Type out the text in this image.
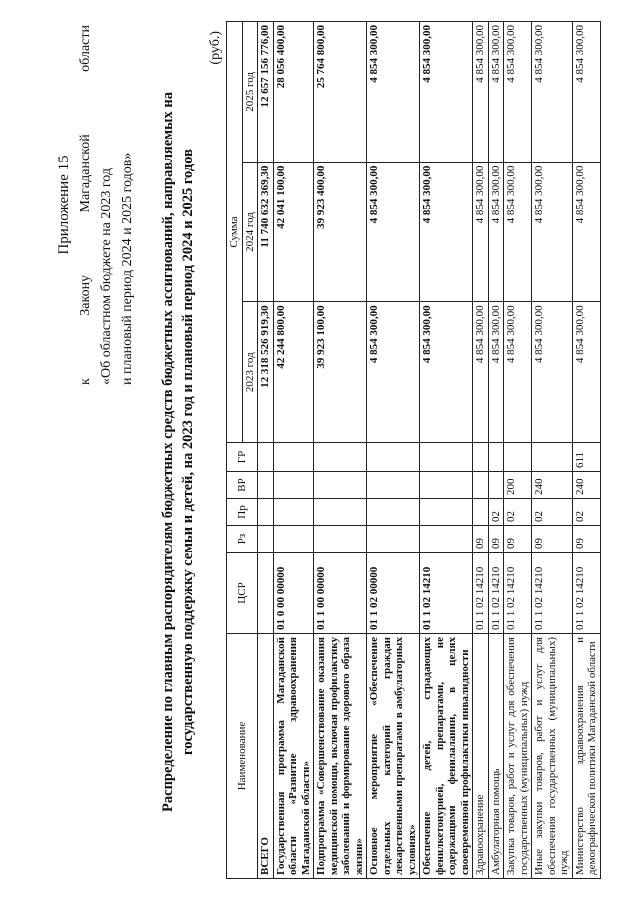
Приложение 15
к
Закону
Магаданской
области
«Об областном бюджете на 2023 год и плановый период 2024 и 2025 годов» Распределение по главным распорядителям бюджетных средств бюджетных ассигнований, направляемых на государственную поддержку семьи и детей, на 2023 год и плановый период 2024 и 2025 годов
(руб.)
Наименование	ЦСР	Рз	Пр	ВР	ГР	Сумма		
						2023 год	2024 год	2025 год
ВСЕГО						12 318 526 919,30	11 740 632 369,30	12 657 156 776,00
Государственная программа Магаданской области «Развитие здравоохранения Магаданской области»	01 0 00 00000					42 244 800,00	42 041 100,00	28 056 400,00
Подпрограмма «Совершенствование оказания медицинской помощи, включая профилактику заболеваний и формирование здорового образа жизни»	01 1 00 00000					39 923 100,00	39 923 400,00	25 764 800,00
Основное мероприятие «Обеспечение отдельных категорий граждан лекарственными препаратами в амбулаторных условиях»	01 1 02 00000					4 854 300,00	4 854 300,00	4 854 300,00
Обеспечение детей, страдающих фенилкетонурией, препаратами, не содержащими фенилаланин, в целях своевременной профилактики инвалидности	01 1 02 14210					4 854 300,00	4 854 300,00	4 854 300,00
Здравоохранение	01 1 02 14210	09				4 854 300,00	4 854 300,00	4 854 300,00
Амбулаторная помощь	01 1 02 14210	09	02			4 854 300,00	4 854 300,00	4 854 300,00
Закупка товаров, работ и услуг для обеспечения государственных (муниципальных) нужд	01 1 02 14210	09	02	200		4 854 300,00	4 854 300,00	4 854 300,00
Иные закупки товаров, работ и услуг для обеспечения государственных (муниципальных) нужд	01 1 02 14210	09	02	240		4 854 300,00	4 854 300,00	4 854 300,00
Министерство здравоохранения и демографической политики Магаданской области	01 1 02 14210	09	02	240	611	4 854 300,00	4 854 300,00	4 854 300,00
